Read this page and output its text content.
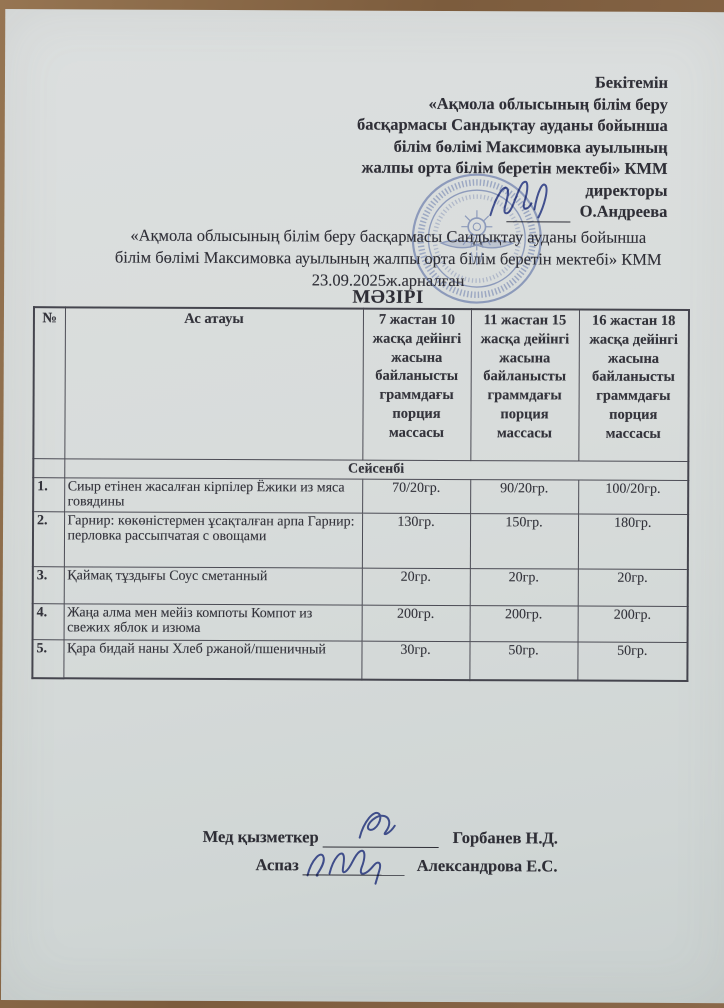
Бекітемін
«Ақмола облысының білім беру
басқармасы Сандықтау ауданы бойынша
білім бөлімі Максимовка ауылының
жалпы орта білім беретін мектебі» КММ
директоры
О.Андреева
«Ақмола облысының білім беру басқармасы Сандықтау ауданы бойынша
білім бөлімі Максимовка ауылының жалпы орта білім беретін мектебі» КММ
23.09.2025ж.арналған
МӘЗІРІ
№	Ас атауы	7 жастан 10 жасқа дейінгі жасына байланысты граммдағы порция массасы	11 жастан 15 жасқа дейінгі жасына байланысты граммдағы порция массасы	16 жастан 18 жасқа дейінгі жасына байланысты граммдағы порция массасы
	Сейсенбі			
1.	Сиыр етінен жасалған кірпілер Ёжики из мяса говядины	70/20гр.	90/20гр.	100/20гр.
2.	Гарнир: көкөністермен ұсақталған арпа Гарнир: перловка рассыпчатая с овощами	130гр.	150гр.	180гр.
3.	Қаймақ тұздығы Соус сметанный	20гр.	20гр.	20гр.
4.	Жаңа алма мен мейіз компоты Компот из свежих яблок и изюма	200гр.	200гр.	200гр.
5.	Қара бидай наны Хлеб ржаной/пшеничный	30гр.	50гр.	50гр.
Мед қызметкер	Горбанев Н.Д.
Аспаз	Александрова Е.С.
